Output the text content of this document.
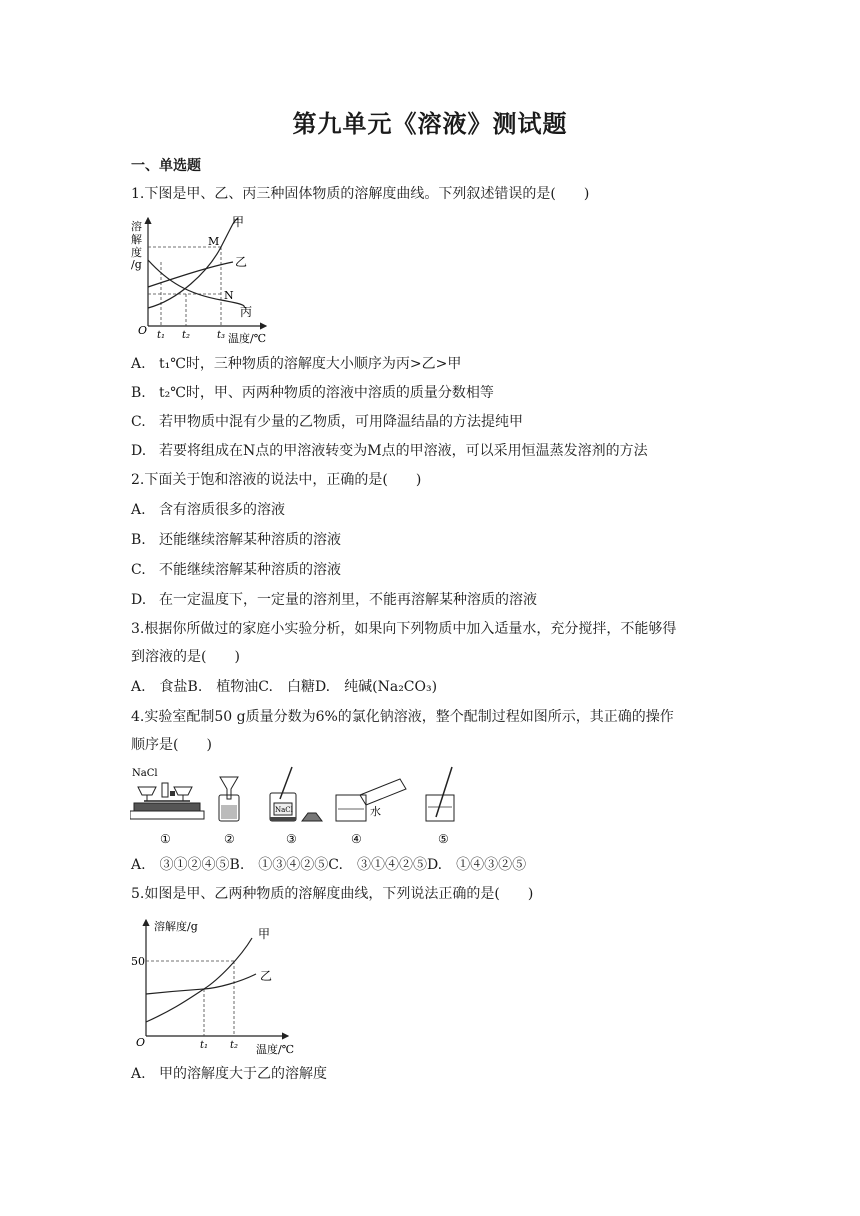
第九单元《溶液》测试题
一、单选题
1.下图是甲、乙、丙三种固体物质的溶解度曲线。下列叙述错误的是(　　)
甲
乙
丙
M
N
溶
解
度
/g
O t₁ t₂	t₃ 温度/℃
A. t₁℃时，三种物质的溶解度大小顺序为丙>乙>甲
B. t₂℃时，甲、丙两种物质的溶液中溶质的质量分数相等
C. 若甲物质中混有少量的乙物质，可用降温结晶的方法提纯甲
D. 若要将组成在N点的甲溶液转变为M点的甲溶液，可以采用恒温蒸发溶剂的方法
2.下面关于饱和溶液的说法中，正确的是(　　)
A. 含有溶质很多的溶液
B. 还能继续溶解某种溶质的溶液
C. 不能继续溶解某种溶质的溶液
D. 在一定温度下，一定量的溶剂里，不能再溶解某种溶质的溶液
3.根据你所做过的家庭小实验分析，如果向下列物质中加入适量水，充分搅拌，不能够得
到溶液的是(　　)
A.　食盐B.　植物油C.　白糖D.　纯碱(Na₂CO₃)
4.实验室配制50 g质量分数为6%的氯化钠溶液，整个配制过程如图所示，其正确的操作
顺序是(　　)
NaCl
①	②
NaCl
③
水
④	⑤
A.　③①②④⑤B.　①③④②⑤C.　③①④②⑤D.　①④③②⑤
5.如图是甲、乙两种物质的溶解度曲线，下列说法正确的是(　　)
溶解度/g
甲
乙
50
O	t₁ t₂ 温度/℃
A. 甲的溶解度大于乙的溶解度
